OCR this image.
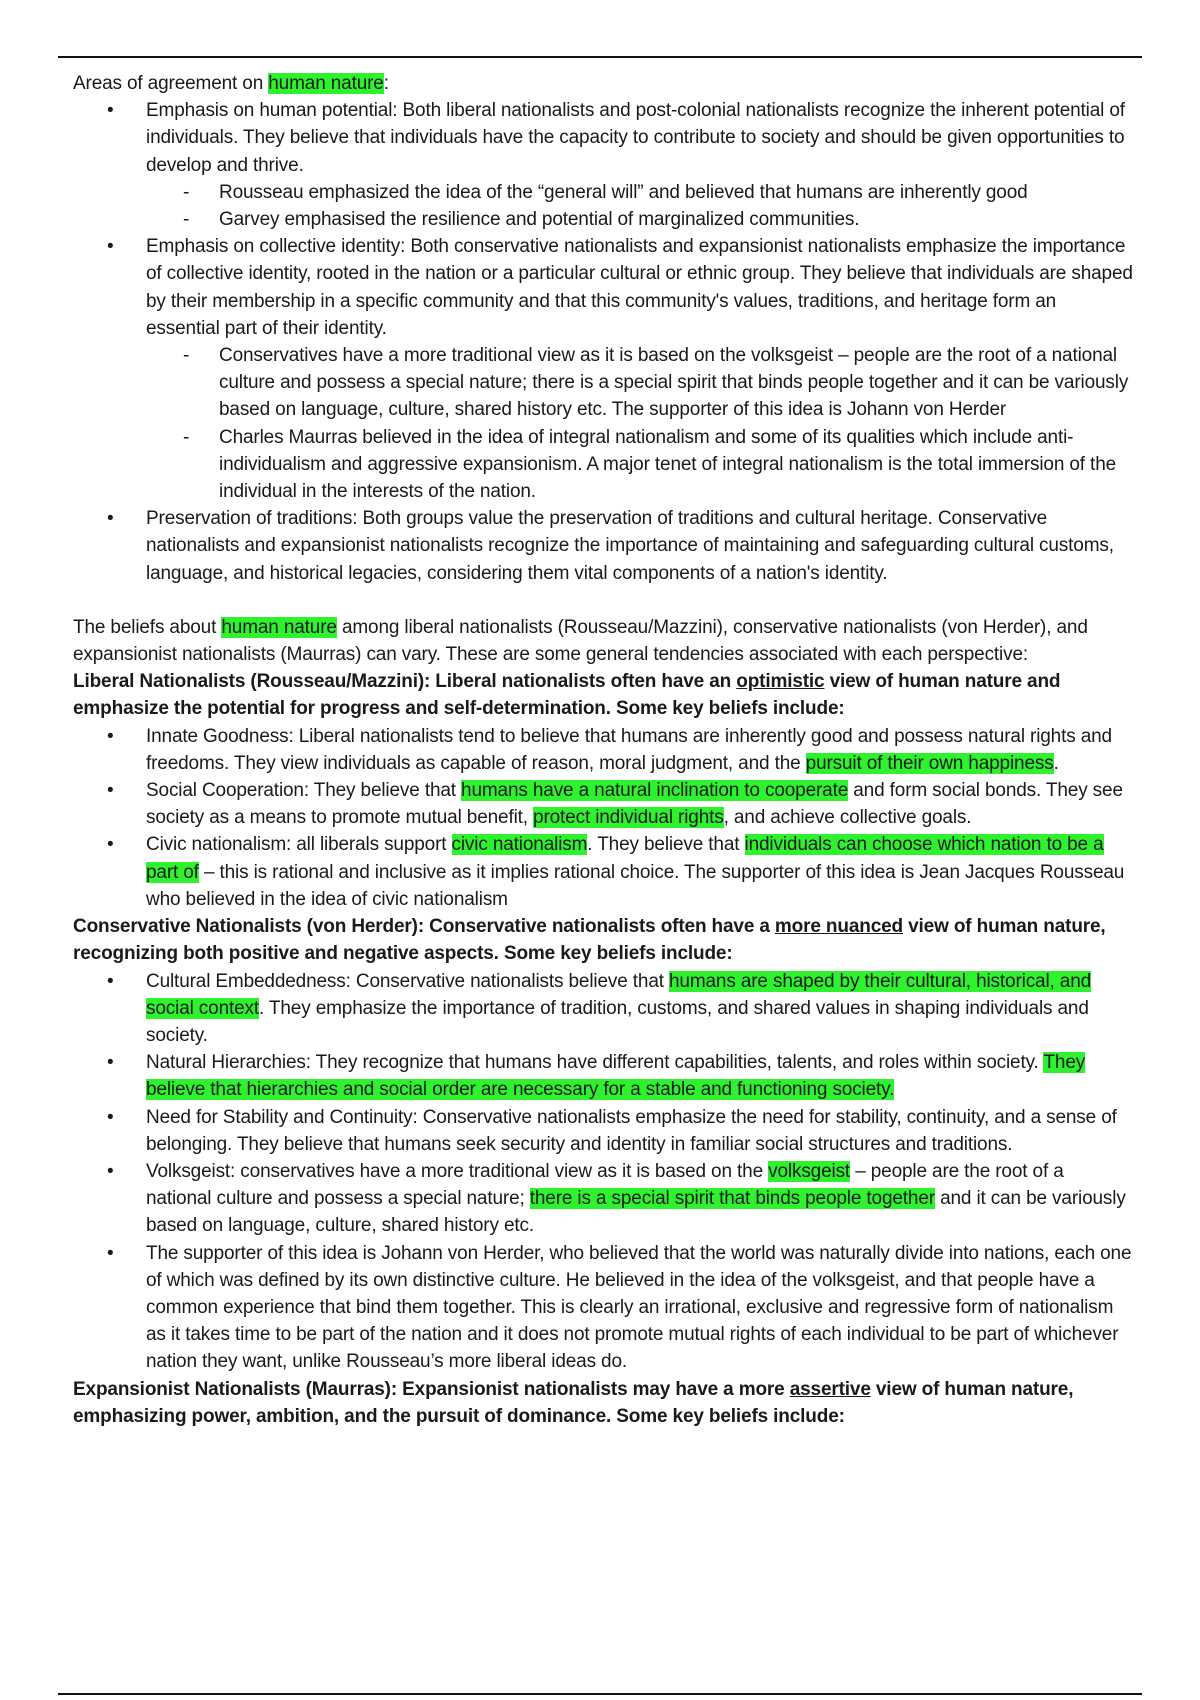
Areas of agreement on human nature:

• Emphasis on human potential: Both liberal nationalists and post-colonial nationalists recognize the inherent potential of individuals. They believe that individuals have the capacity to contribute to society and should be given opportunities to develop and thrive.
- Rousseau emphasized the idea of the “general will” and believed that humans are inherently good
- Garvey emphasised the resilience and potential of marginalized communities.
• Emphasis on collective identity: Both conservative nationalists and expansionist nationalists emphasize the importance of collective identity, rooted in the nation or a particular cultural or ethnic group. They believe that individuals are shaped by their membership in a specific community and that this community's values, traditions, and heritage form an essential part of their identity.
- Conservatives have a more traditional view as it is based on the volksgeist – people are the root of a national culture and possess a special nature; there is a special spirit that binds people together and it can be variously based on language, culture, shared history etc. The supporter of this idea is Johann von Herder
- Charles Maurras believed in the idea of integral nationalism and some of its qualities which include anti-individualism and aggressive expansionism. A major tenet of integral nationalism is the total immersion of the individual in the interests of the nation.
• Preservation of traditions: Both groups value the preservation of traditions and cultural heritage. Conservative nationalists and expansionist nationalists recognize the importance of maintaining and safeguarding cultural customs, language, and historical legacies, considering them vital components of a nation's identity.

The beliefs about human nature among liberal nationalists (Rousseau/Mazzini), conservative nationalists (von Herder), and expansionist nationalists (Maurras) can vary. These are some general tendencies associated with each perspective:

Liberal Nationalists (Rousseau/Mazzini): Liberal nationalists often have an optimistic view of human nature and emphasize the potential for progress and self-determination. Some key beliefs include:

• Innate Goodness: Liberal nationalists tend to believe that humans are inherently good and possess natural rights and freedoms. They view individuals as capable of reason, moral judgment, and the pursuit of their own happiness.
• Social Cooperation: They believe that humans have a natural inclination to cooperate and form social bonds. They see society as a means to promote mutual benefit, protect individual rights, and achieve collective goals.
• Civic nationalism: all liberals support civic nationalism. They believe that individuals can choose which nation to be a part of – this is rational and inclusive as it implies rational choice. The supporter of this idea is Jean Jacques Rousseau who believed in the idea of civic nationalism

Conservative Nationalists (von Herder): Conservative nationalists often have a more nuanced view of human nature, recognizing both positive and negative aspects. Some key beliefs include:

• Cultural Embeddedness: Conservative nationalists believe that humans are shaped by their cultural, historical, and social context. They emphasize the importance of tradition, customs, and shared values in shaping individuals and society.
• Natural Hierarchies: They recognize that humans have different capabilities, talents, and roles within society. They believe that hierarchies and social order are necessary for a stable and functioning society.
• Need for Stability and Continuity: Conservative nationalists emphasize the need for stability, continuity, and a sense of belonging. They believe that humans seek security and identity in familiar social structures and traditions.
• Volksgeist: conservatives have a more traditional view as it is based on the volksgeist – people are the root of a national culture and possess a special nature; there is a special spirit that binds people together and it can be variously based on language, culture, shared history etc.
• The supporter of this idea is Johann von Herder, who believed that the world was naturally divide into nations, each one of which was defined by its own distinctive culture. He believed in the idea of the volksgeist, and that people have a common experience that bind them together. This is clearly an irrational, exclusive and regressive form of nationalism as it takes time to be part of the nation and it does not promote mutual rights of each individual to be part of whichever nation they want, unlike Rousseau’s more liberal ideas do.

Expansionist Nationalists (Maurras): Expansionist nationalists may have a more assertive view of human nature, emphasizing power, ambition, and the pursuit of dominance. Some key beliefs include:
